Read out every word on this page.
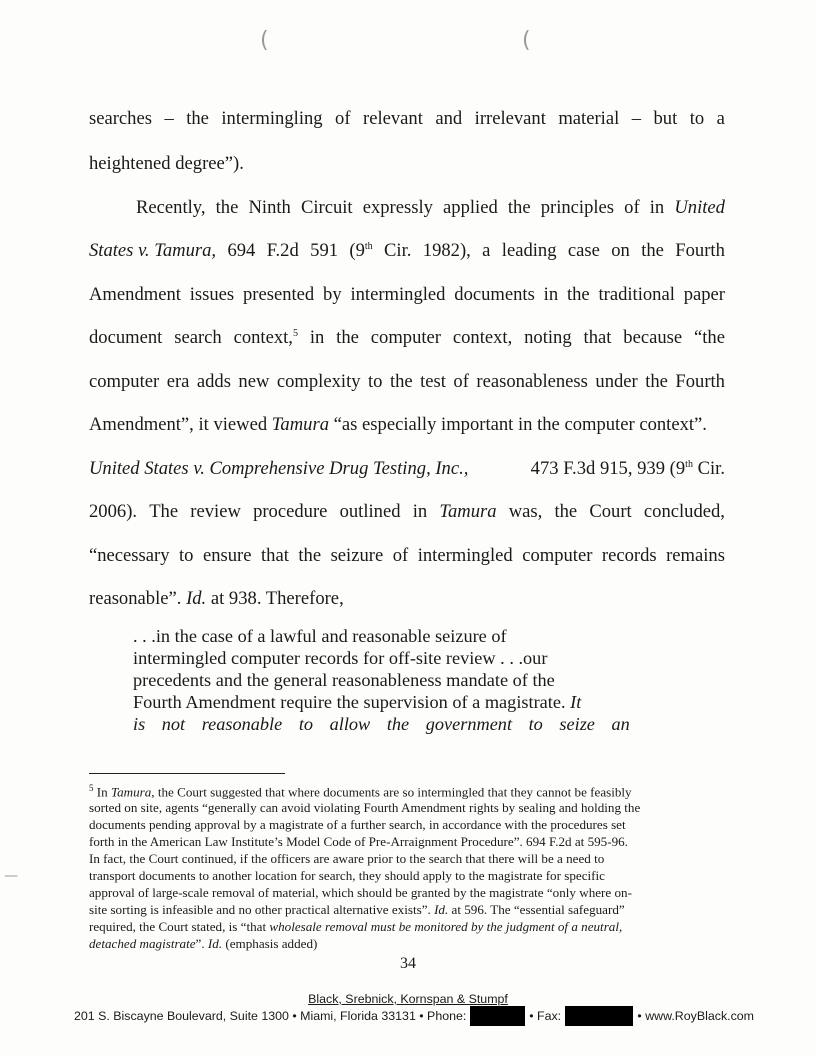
(	(
—
searches – the intermingling of relevant and irrelevant material – but to a
heightened degree”).
Recently, the Ninth Circuit expressly applied the principles of in United
States v. Tamura, 694 F.2d 591 (9th Cir. 1982), a leading case on the Fourth
Amendment issues presented by intermingled documents in the traditional paper
document search context,$^5$ in the computer context, noting that because “the
computer era adds new complexity to the test of reasonableness under the Fourth
Amendment”, it viewed Tamura “as especially important in the computer context”.
United States v. Comprehensive Drug Testing, Inc.,	473 F.3d 915, 939 (9th Cir.
2006). The review procedure outlined in Tamura was, the Court concluded,
“necessary to ensure that the seizure of intermingled computer records remains
reasonable”. Id. at 938. Therefore,
. . .in the case of a lawful and reasonable seizure of
intermingled computer records for off-site review . . .our
precedents and the general reasonableness mandate of the
Fourth Amendment require the supervision of a magistrate. It
is not reasonable to allow the government to seize an
$^5$ In Tamura, the Court suggested that where documents are so intermingled that they cannot be feasibly
sorted on site, agents “generally can avoid violating Fourth Amendment rights by sealing and holding the
documents pending approval by a magistrate of a further search, in accordance with the procedures set
forth in the American Law Institute’s Model Code of Pre-Arraignment Procedure”. 694 F.2d at 595-96.
In fact, the Court continued, if the officers are aware prior to the search that there will be a need to
transport documents to another location for search, they should apply to the magistrate for specific
approval of large-scale removal of material, which should be granted by the magistrate “only where on-
site sorting is infeasible and no other practical alternative exists”. Id. at 596. The “essential safeguard”
required, the Court stated, is “that wholesale removal must be monitored by the judgment of a neutral,
detached magistrate”. Id. (emphasis added)
34
Black, Srebnick, Kornspan & Stumpf
201 S. Biscayne Boulevard, Suite 1300 • Miami, Florida 33131 • Phone:	• Fax:	• www.RoyBlack.com
